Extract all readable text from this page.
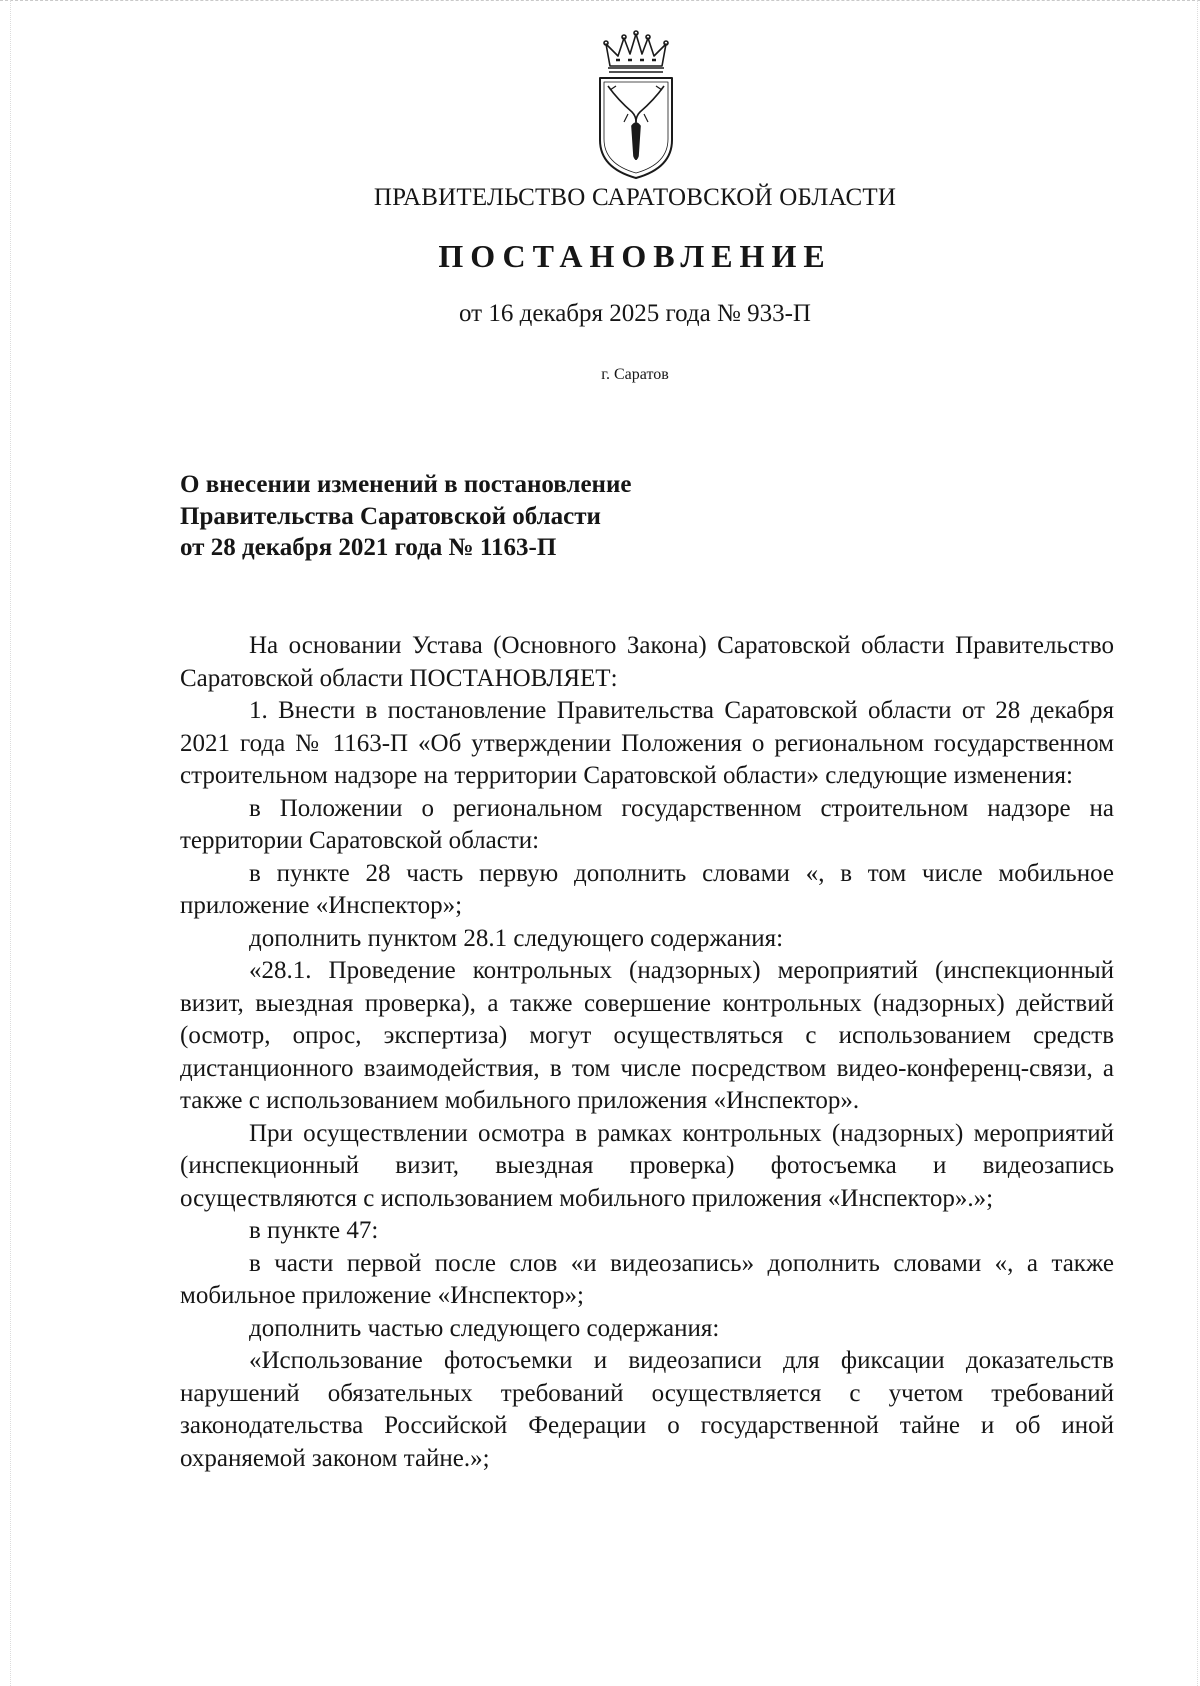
ПРАВИТЕЛЬСТВО САРАТОВСКОЙ ОБЛАСТИ
ПОСТАНОВЛЕНИЕ
от 16 декабря 2025 года № 933-П
г. Саратов
О внесении изменений в постановление
Правительства Саратовской области
от 28 декабря 2021 года № 1163-П

На основании Устава (Основного Закона) Саратовской области Правительство Саратовской области ПОСТАНОВЛЯЕТ:

1. Внести в постановление Правительства Саратовской области от 28 декабря 2021 года № 1163-П «Об утверждении Положения о региональном государственном строительном надзоре на территории Саратовской области» следующие изменения:

в Положении о региональном государственном строительном надзоре на территории Саратовской области:

в пункте 28 часть первую дополнить словами «, в том числе мобильное приложение «Инспектор»;

дополнить пунктом 28.1 следующего содержания:

«28.1. Проведение контрольных (надзорных) мероприятий (инспекционный визит, выездная проверка), а также совершение контрольных (надзорных) действий (осмотр, опрос, экспертиза) могут осуществляться с использованием средств дистанционного взаимодействия, в том числе посредством видео-конференц-связи, а также с использованием мобильного приложения «Инспектор».

При осуществлении осмотра в рамках контрольных (надзорных) мероприятий (инспекционный визит, выездная проверка) фотосъемка и видеозапись осуществляются с использованием мобильного приложения «Инспектор».»;

в пункте 47:

в части первой после слов «и видеозапись» дополнить словами «, а также мобильное приложение «Инспектор»;

дополнить частью следующего содержания:

«Использование фотосъемки и видеозаписи для фиксации доказательств нарушений обязательных требований осуществляется с учетом требований законодательства Российской Федерации о государственной тайне и об иной охраняемой законом тайне.»;
